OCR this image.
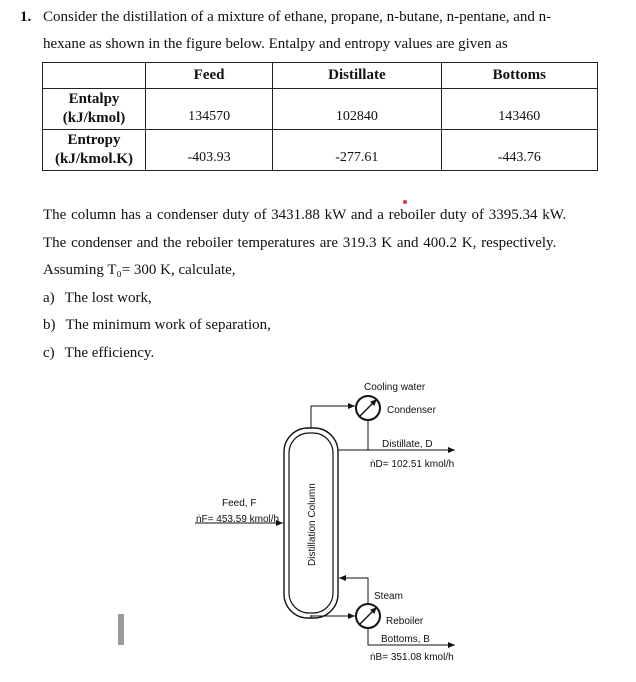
1. Consider the distillation of a mixture of ethane, propane, n-butane, n-pentane, and n-
hexane as shown in the figure below. Entalpy and entropy values are given as
	Feed	Distillate	Bottoms

Entalpy
(kJ/kmol)	134570	102840	143460

Entropy
(kJ/kmol.K)	-403.93	-277.61	-443.76
The column has a condenser duty of 3431.88 kW and a reboiler duty of 3395.34 kW.
The condenser and the reboiler temperatures are 319.3 K and 400.2 K, respectively.
Assuming T₀= 300 K, calculate,
a) The lost work,
b) The minimum work of separation,
c) The efficiency.
Distillation Column
Cooling water
Condenser
Distillate, D
ṅD= 102.51 kmol/h
Feed, F
ṅF= 453.59 kmol/h
Steam
Reboiler
Bottoms, B
ṅB= 351.08 kmol/h
